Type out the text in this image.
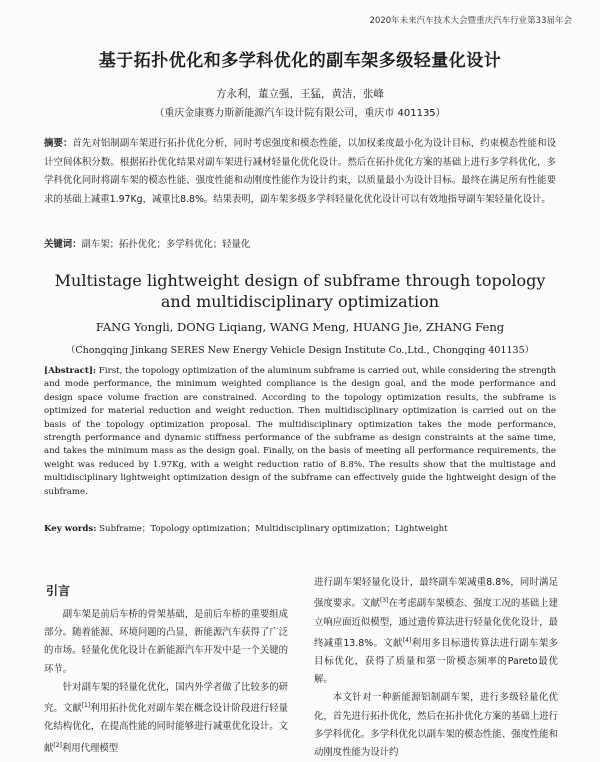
2020年未来汽车技术大会暨重庆汽车行业第33届年会
基于拓扑优化和多学科优化的副车架多级轻量化设计
方永利，董立强，王猛，黄洁，张峰
（重庆金康赛力斯新能源汽车设计院有限公司，重庆市 401135）
摘要：首先对铝制副车架进行拓扑优化分析，同时考虑强度和模态性能，以加权柔度最小化为设计目标，约束模态性能和设计空间体积分数。根据拓扑优化结果对副车架进行减材轻量化优化设计。然后在拓扑优化方案的基础上进行多学科优化，多学科优化同时将副车架的模态性能、强度性能和动刚度性能作为设计约束，以质量最小为设计目标。最终在满足所有性能要求的基础上减重1.97Kg，减重比8.8%。结果表明，副车架多级多学科轻量化优化设计可以有效地指导副车架轻量化设计。
关键词：副车架；拓扑优化；多学科优化；轻量化
Multistage lightweight design of subframe through topology
and multidisciplinary optimization
FANG Yongli, DONG Liqiang, WANG Meng, HUANG Jie, ZHANG Feng
（Chongqing Jinkang SERES New Energy Vehicle Design Institute Co.,Ltd., Chongqing 401135）
[Abstract]: First, the topology optimization of the aluminum subframe is carried out, while considering the strength and mode performance, the minimum weighted compliance is the design goal, and the mode performance and design space volume fraction are constrained. According to the topology optimization results, the subframe is optimized for material reduction and weight reduction. Then multidisciplinary optimization is carried out on the basis of the topology optimization proposal. The multidisciplinary optimization takes the mode performance, strength performance and dynamic stiffness performance of the subframe as design constraints at the same time, and takes the minimum mass as the design goal. Finally, on the basis of meeting all performance requirements, the weight was reduced by 1.97Kg, with a weight reduction ratio of 8.8%. The results show that the multistage and multidisciplinary lightweight optimization design of the subframe can effectively guide the lightweight design of the subframe.
Key words: Subframe；Topology optimization；Multidisciplinary optimization；Lightweight
引言

副车架是前后车桥的骨架基础，是前后车桥的重要组成部分。随着能源、环境问题的凸显，新能源汽车获得了广泛的市场。轻量化优化设计在新能源汽车开发中是一个关键的环节。

针对副车架的轻量化优化，国内外学者做了比较多的研究。文献[1]利用拓扑优化对副车架在概念设计阶段进行轻量化结构优化，在提高性能的同时能够进行减重优化设计。文献[2]利用代理模型

进行副车架轻量化设计，最终副车架减重8.8%，同时满足强度要求。文献[3]在考虑副车架模态、强度工况的基础上建立响应面近似模型，通过遗传算法进行轻量化优化设计，最终减重13.8%。文献[4]利用多目标遗传算法进行副车架多目标优化，获得了质量和第一阶模态频率的Pareto最优解。

本文针对一种新能源铝制副车架，进行多级轻量化优化，首先进行拓扑优化，然后在拓扑优化方案的基础上进行多学科优化。多学科优化以副车架的模态性能、强度性能和动刚度性能为设计约
